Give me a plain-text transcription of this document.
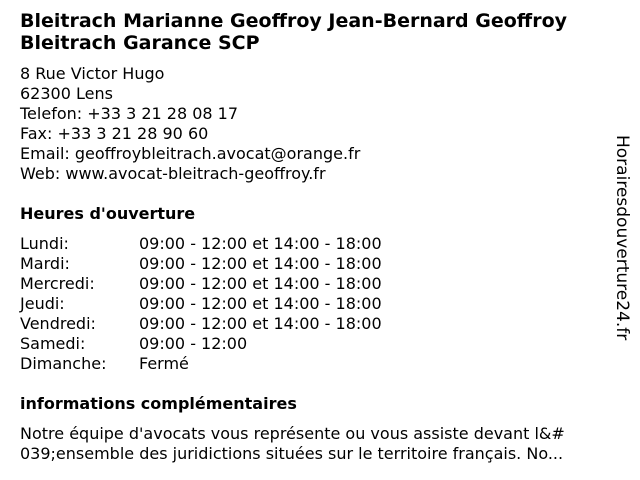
Bleitrach Marianne Geoffroy Jean-Bernard Geoffroy Bleitrach Garance SCP
8 Rue Victor Hugo
62300 Lens
Telefon: +33 3 21 28 08 17
Fax: +33 3 21 28 90 60
Email: geoffroybleitrach.avocat@orange.fr
Web: www.avocat-bleitrach-geoffroy.fr
Heures d'ouverture
Lundi:	09:00 - 12:00 et 14:00 - 18:00
Mardi:	09:00 - 12:00 et 14:00 - 18:00
Mercredi:	09:00 - 12:00 et 14:00 - 18:00
Jeudi:	09:00 - 12:00 et 14:00 - 18:00
Vendredi:	09:00 - 12:00 et 14:00 - 18:00
Samedi:	09:00 - 12:00
Dimanche:	Fermé
informations complémentaires

Notre équipe d'avocats vous représente ou vous assiste devant l&# 039;ensemble des juridictions situées sur le territoire français. No...

Horairesdouverture24.fr
